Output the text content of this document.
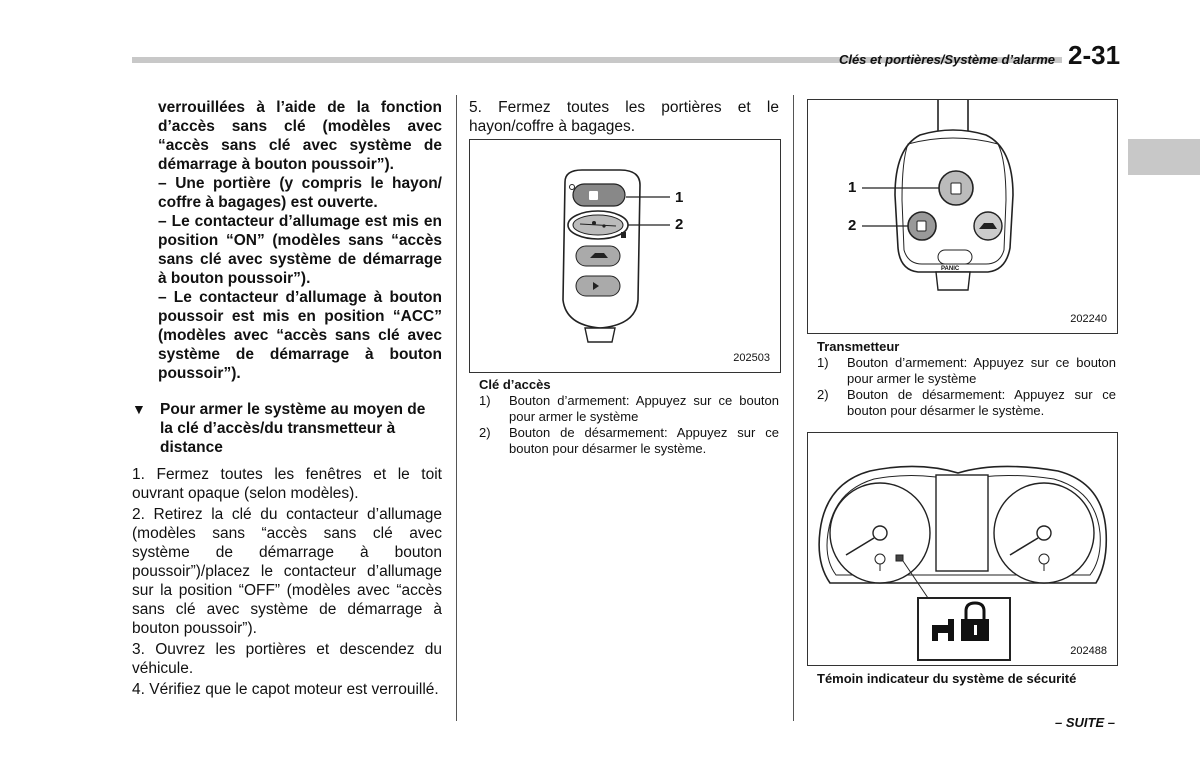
Clés et portières/Système d’alarme 2-31

verrouillées à l’aide de la fonction d’accès sans clé (modèles avec “accès sans clé avec système de démarrage à bouton poussoir”).

– Une portière (y compris le hayon/ coffre à bagages) est ouverte.

– Le contacteur d’allumage est mis en position “ON” (modèles sans “accès sans clé avec système de démarrage à bouton poussoir”).

– Le contacteur d’allumage à bouton poussoir est mis en position “ACC” (modèles avec “accès sans clé avec système de démarrage à bouton poussoir”).

▼ Pour armer le système au moyen de la clé d’accès/du transmetteur à distance

1. Fermez toutes les fenêtres et le toit ouvrant opaque (selon modèles).

2. Retirez la clé du contacteur d’allumage (modèles sans “accès sans clé avec système de démarrage à bouton poussoir”)/placez le contacteur d’allumage sur la position “OFF” (modèles avec “accès sans clé avec système de démarrage à bouton poussoir”).

3. Ouvrez les portières et descendez du véhicule.

4. Vérifiez que le capot moteur est verrouillé.

5. Fermez toutes les portières et le hayon/coffre à bagages.
1
2
202503
Clé d’accès
1)	Bouton d’armement: Appuyez sur ce bouton pour armer le système
2)	Bouton de désarmement: Appuyez sur ce bouton pour désarmer le système.
PANIC
1
2
202240
Transmetteur
1)	Bouton d’armement: Appuyez sur ce bouton pour armer le système
2)	Bouton de désarmement: Appuyez sur ce bouton pour désarmer le système.
202488
Témoin indicateur du système de sécurité
– SUITE –
